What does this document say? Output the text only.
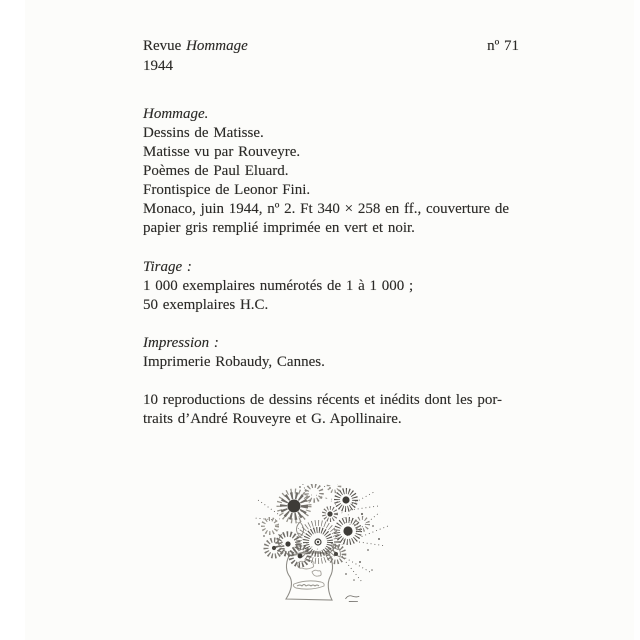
Revue Hommage	nº 71
1944
Hommage.
Dessins de Matisse.
Matisse vu par Rouveyre.
Poèmes de Paul Eluard.
Frontispice de Leonor Fini.
Monaco, juin 1944, nº 2. Ft 340 × 258 en ff., couverture de
papier gris remplié imprimée en vert et noir.
Tirage :
1 000 exemplaires numérotés de 1 à 1 000 ;
50 exemplaires H.C.
Impression :
Imprimerie Robaudy, Cannes.
10 reproductions de dessins récents et inédits dont les por-
traits d’André Rouveyre et G. Apollinaire.
